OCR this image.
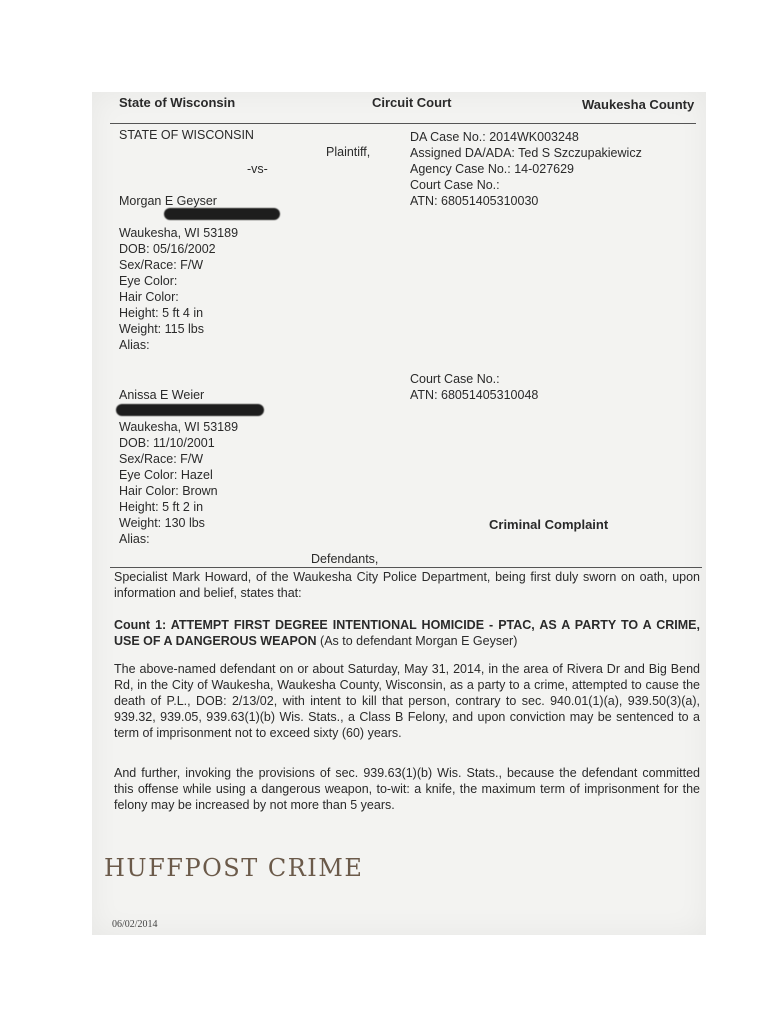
State of Wisconsin	Circuit Court	Waukesha County
STATE OF WISCONSIN
Plaintiff,
-vs-
DA Case No.: 2014WK003248
Assigned DA/ADA: Ted S Szczupakiewicz
Agency Case No.: 14-027629
Court Case No.:
ATN: 68051405310030
Morgan E Geyser
Waukesha, WI 53189
DOB: 05/16/2002
Sex/Race: F/W
Eye Color:
Hair Color:
Height: 5 ft 4 in
Weight: 115 lbs
Alias:
Court Case No.:
ATN: 68051405310048
Anissa E Weier
Waukesha, WI 53189
DOB: 11/10/2001
Sex/Race: F/W
Eye Color: Hazel
Hair Color: Brown
Height: 5 ft 2 in
Weight: 130 lbs
Alias:
Criminal Complaint
Defendants,
Specialist Mark Howard, of the Waukesha City Police Department, being first duly sworn on oath, upon information and belief, states that:
Count 1: ATTEMPT FIRST DEGREE INTENTIONAL HOMICIDE - PTAC, AS A PARTY TO A CRIME, USE OF A DANGEROUS WEAPON (As to defendant Morgan E Geyser)
The above-named defendant on or about Saturday, May 31, 2014, in the area of Rivera Dr and Big Bend Rd, in the City of Waukesha, Waukesha County, Wisconsin, as a party to a crime, attempted to cause the death of P.L., DOB: 2/13/02, with intent to kill that person, contrary to sec. 940.01(1)(a), 939.50(3)(a), 939.32, 939.05, 939.63(1)(b) Wis. Stats., a Class B Felony, and upon conviction may be sentenced to a term of imprisonment not to exceed sixty (60) years.
And further, invoking the provisions of sec. 939.63(1)(b) Wis. Stats., because the defendant committed this offense while using a dangerous weapon, to-wit: a knife, the maximum term of imprisonment for the felony may be increased by not more than 5 years.
HUFFPOST CRIME
06/02/2014
